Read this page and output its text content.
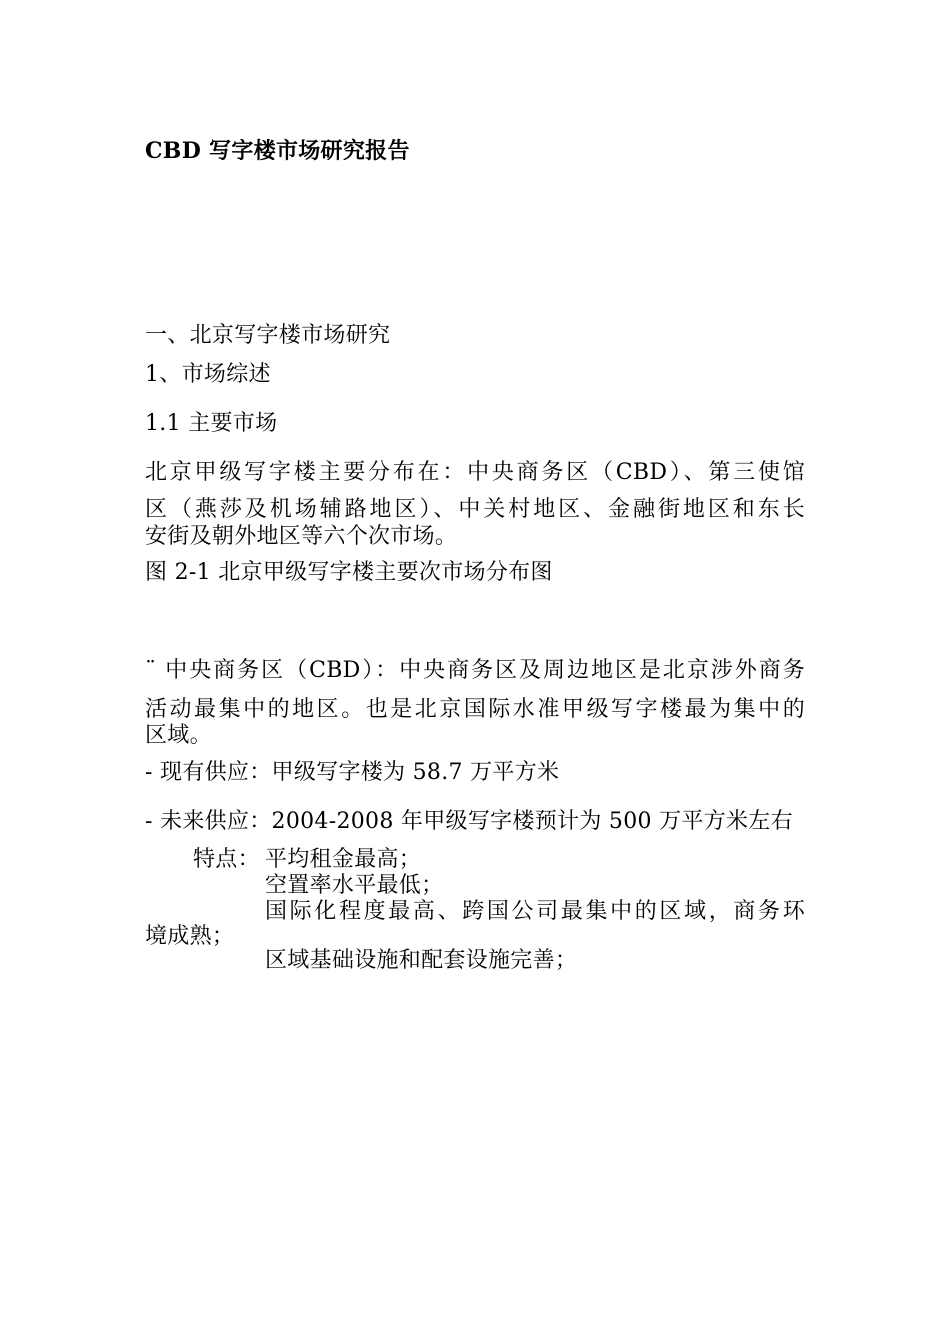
CBD 写字楼市场研究报告

一、北京写字楼市场研究

1、市场综述

1.1 主要市场

北京甲级写字楼主要分布在：中央商务区（CBD）、第三使馆

区（燕莎及机场辅路地区）、中关村地区、金融街地区和东长

安街及朝外地区等六个次市场。

图 2-1 北京甲级写字楼主要次市场分布图

¨ 中央商务区（CBD）：中央商务区及周边地区是北京涉外商务

活动最集中的地区。也是北京国际水准甲级写字楼最为集中的

区域。

- 现有供应：甲级写字楼为 58.7 万平方米

- 未来供应：2004-2008 年甲级写字楼预计为 500 万平方米左右

特点： 平均租金最高；

空置率水平最低；

国际化程度最高、跨国公司最集中的区域，商务环

境成熟；

区域基础设施和配套设施完善；
